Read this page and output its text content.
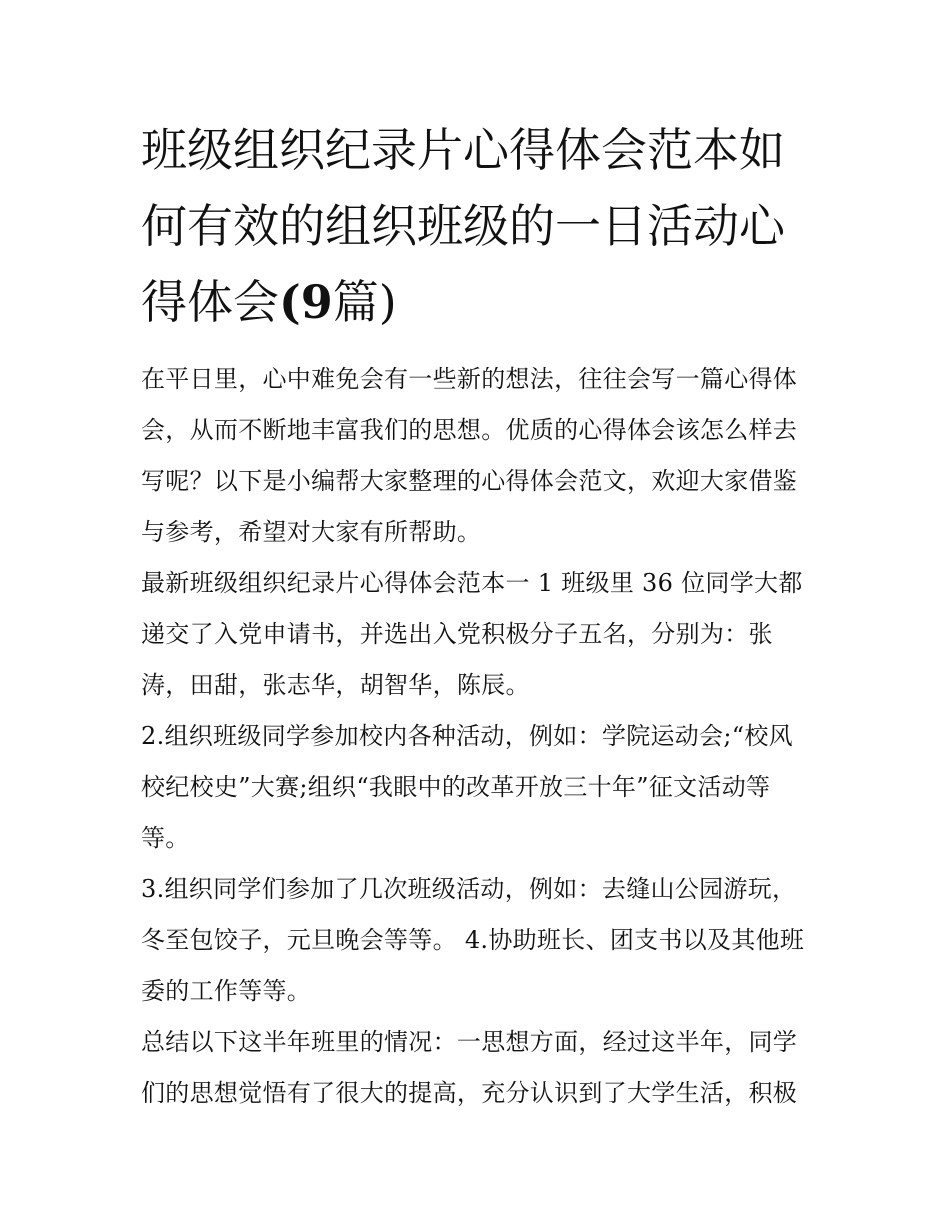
班级组织纪录片心得体会范本如何有效的组织班级的一日活动心得体会(9篇)

在平日里，心中难免会有一些新的想法，往往会写一篇心得体会，从而不断地丰富我们的思想。优质的心得体会该怎么样去写呢？以下是小编帮大家整理的心得体会范文，欢迎大家借鉴与参考，希望对大家有所帮助。

最新班级组织纪录片心得体会范本一 1 班级里 36 位同学大都递交了入党申请书，并选出入党积极分子五名，分别为：张涛，田甜，张志华，胡智华，陈辰。

2.组织班级同学参加校内各种活动，例如：学院运动会;“校风校纪校史”大赛;组织“我眼中的改革开放三十年”征文活动等等。

3.组织同学们参加了几次班级活动，例如：去缝山公园游玩，冬至包饺子，元旦晚会等等。 4.协助班长、团支书以及其他班委的工作等等。

总结以下这半年班里的情况：一思想方面，经过这半年，同学们的思想觉悟有了很大的提高，充分认识到了大学生活，积极
